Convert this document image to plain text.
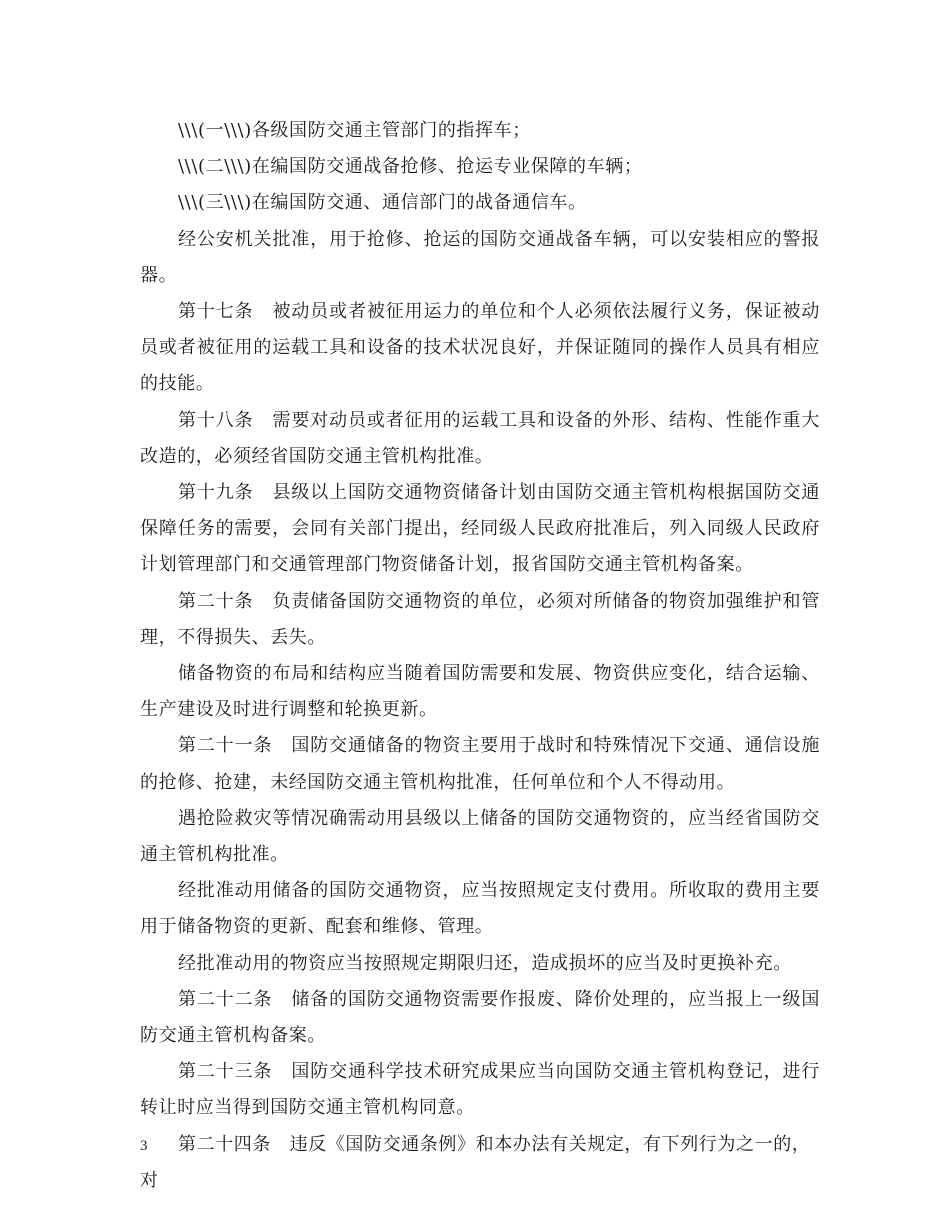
\\\(一\\\)各级国防交通主管部门的指挥车；

\\\(二\\\)在编国防交通战备抢修、抢运专业保障的车辆；

\\\(三\\\)在编国防交通、通信部门的战备通信车。

经公安机关批准，用于抢修、抢运的国防交通战备车辆，可以安装相应的警报器。

第十七条　被动员或者被征用运力的单位和个人必须依法履行义务，保证被动员或者被征用的运载工具和设备的技术状况良好，并保证随同的操作人员具有相应的技能。

第十八条　需要对动员或者征用的运载工具和设备的外形、结构、性能作重大改造的，必须经省国防交通主管机构批准。

第十九条　县级以上国防交通物资储备计划由国防交通主管机构根据国防交通保障任务的需要，会同有关部门提出，经同级人民政府批准后，列入同级人民政府计划管理部门和交通管理部门物资储备计划，报省国防交通主管机构备案。

第二十条　负责储备国防交通物资的单位，必须对所储备的物资加强维护和管理，不得损失、丢失。

储备物资的布局和结构应当随着国防需要和发展、物资供应变化，结合运输、生产建设及时进行调整和轮换更新。

第二十一条　国防交通储备的物资主要用于战时和特殊情况下交通、通信设施的抢修、抢建，未经国防交通主管机构批准，任何单位和个人不得动用。

遇抢险救灾等情况确需动用县级以上储备的国防交通物资的，应当经省国防交通主管机构批准。

经批准动用储备的国防交通物资，应当按照规定支付费用。所收取的费用主要用于储备物资的更新、配套和维修、管理。

经批准动用的物资应当按照规定期限归还，造成损坏的应当及时更换补充。

第二十二条　储备的国防交通物资需要作报废、降价处理的，应当报上一级国防交通主管机构备案。

第二十三条　国防交通科学技术研究成果应当向国防交通主管机构登记，进行转让时应当得到国防交通主管机构同意。

第二十四条　违反《国防交通条例》和本办法有关规定，有下列行为之一的，对

3
